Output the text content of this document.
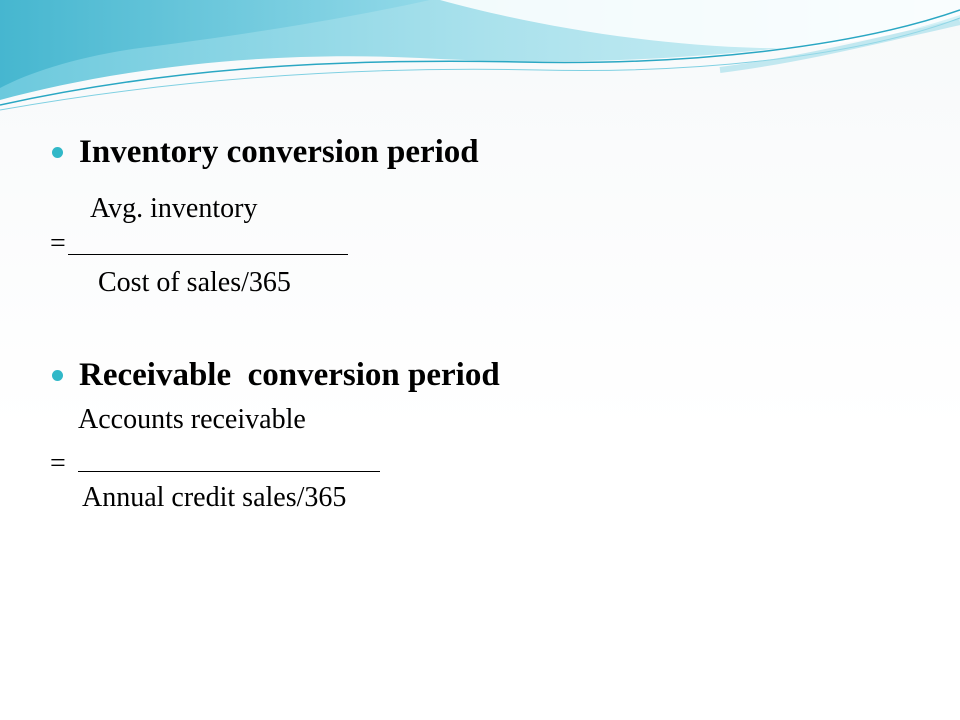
Inventory conversion period
Avg. inventory
=
Cost of sales/365
Receivable  conversion period
Accounts receivable
=
Annual credit sales/365
